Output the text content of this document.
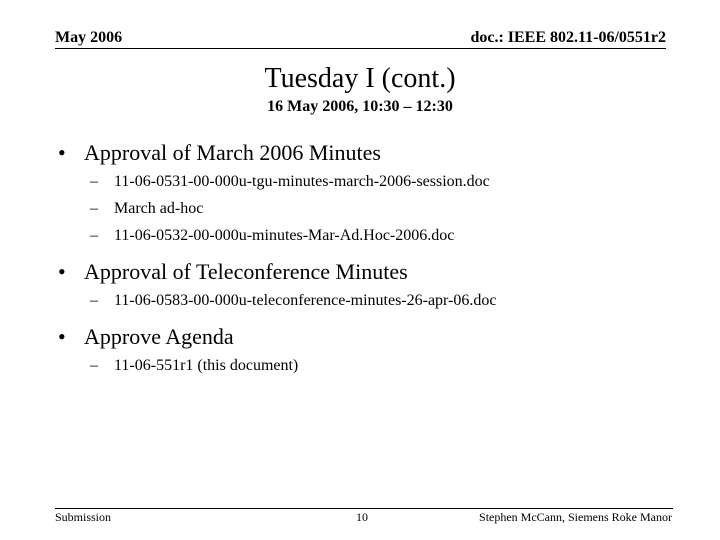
May 2006	doc.: IEEE 802.11-06/0551r2
Tuesday I (cont.)
16 May 2006, 10:30 – 12:30
• Approval of March 2006 Minutes
– 11-06-0531-00-000u-tgu-minutes-march-2006-session.doc
– March ad-hoc
– 11-06-0532-00-000u-minutes-Mar-Ad.Hoc-2006.doc
• Approval of Teleconference Minutes
– 11-06-0583-00-000u-teleconference-minutes-26-apr-06.doc
• Approve Agenda
– 11-06-551r1 (this document)
Submission	10	Stephen McCann, Siemens Roke Manor
